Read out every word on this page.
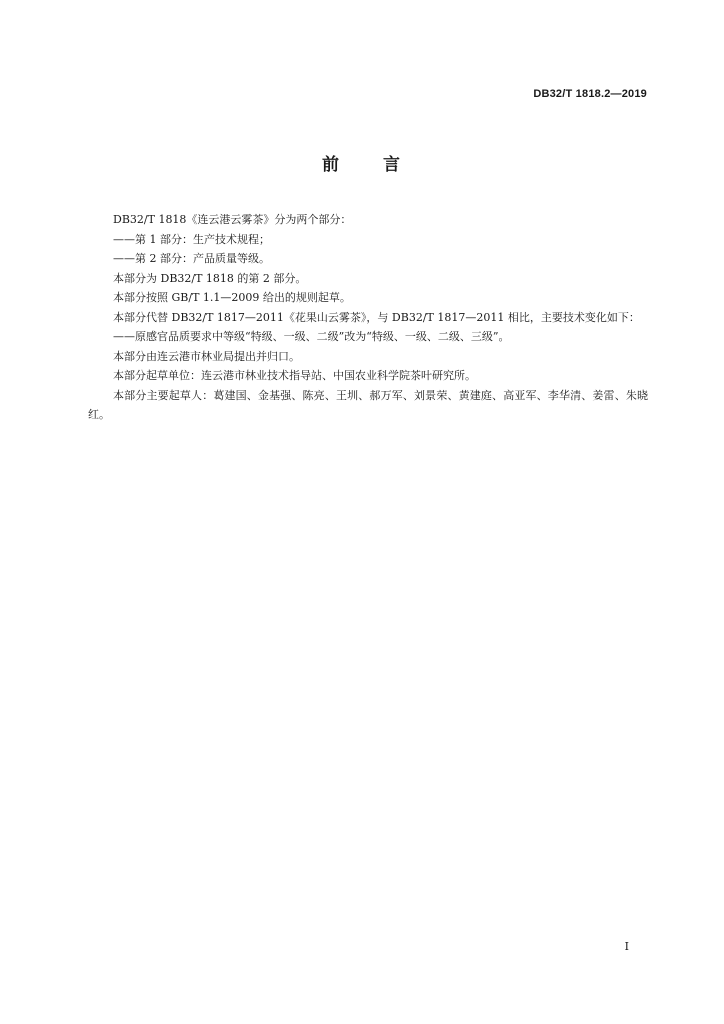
DB32/T 1818.2—2019
前 言

DB32/T 1818《连云港云雾茶》分为两个部分：

——第 1 部分：生产技术规程；

——第 2 部分：产品质量等级。

本部分为 DB32/T 1818 的第 2 部分。

本部分按照 GB/T 1.1—2009 给出的规则起草。

本部分代替 DB32/T 1817—2011《花果山云雾茶》，与 DB32/T 1817—2011 相比，主要技术变化如下：

——原感官品质要求中等级“特级、一级、二级”改为“特级、一级、二级、三级”。

本部分由连云港市林业局提出并归口。

本部分起草单位：连云港市林业技术指导站、中国农业科学院茶叶研究所。

本部分主要起草人：葛建国、金基强、陈亮、王圳、郝万军、刘景荣、黄建庭、高亚军、李华清、姜雷、朱晓红。

I
